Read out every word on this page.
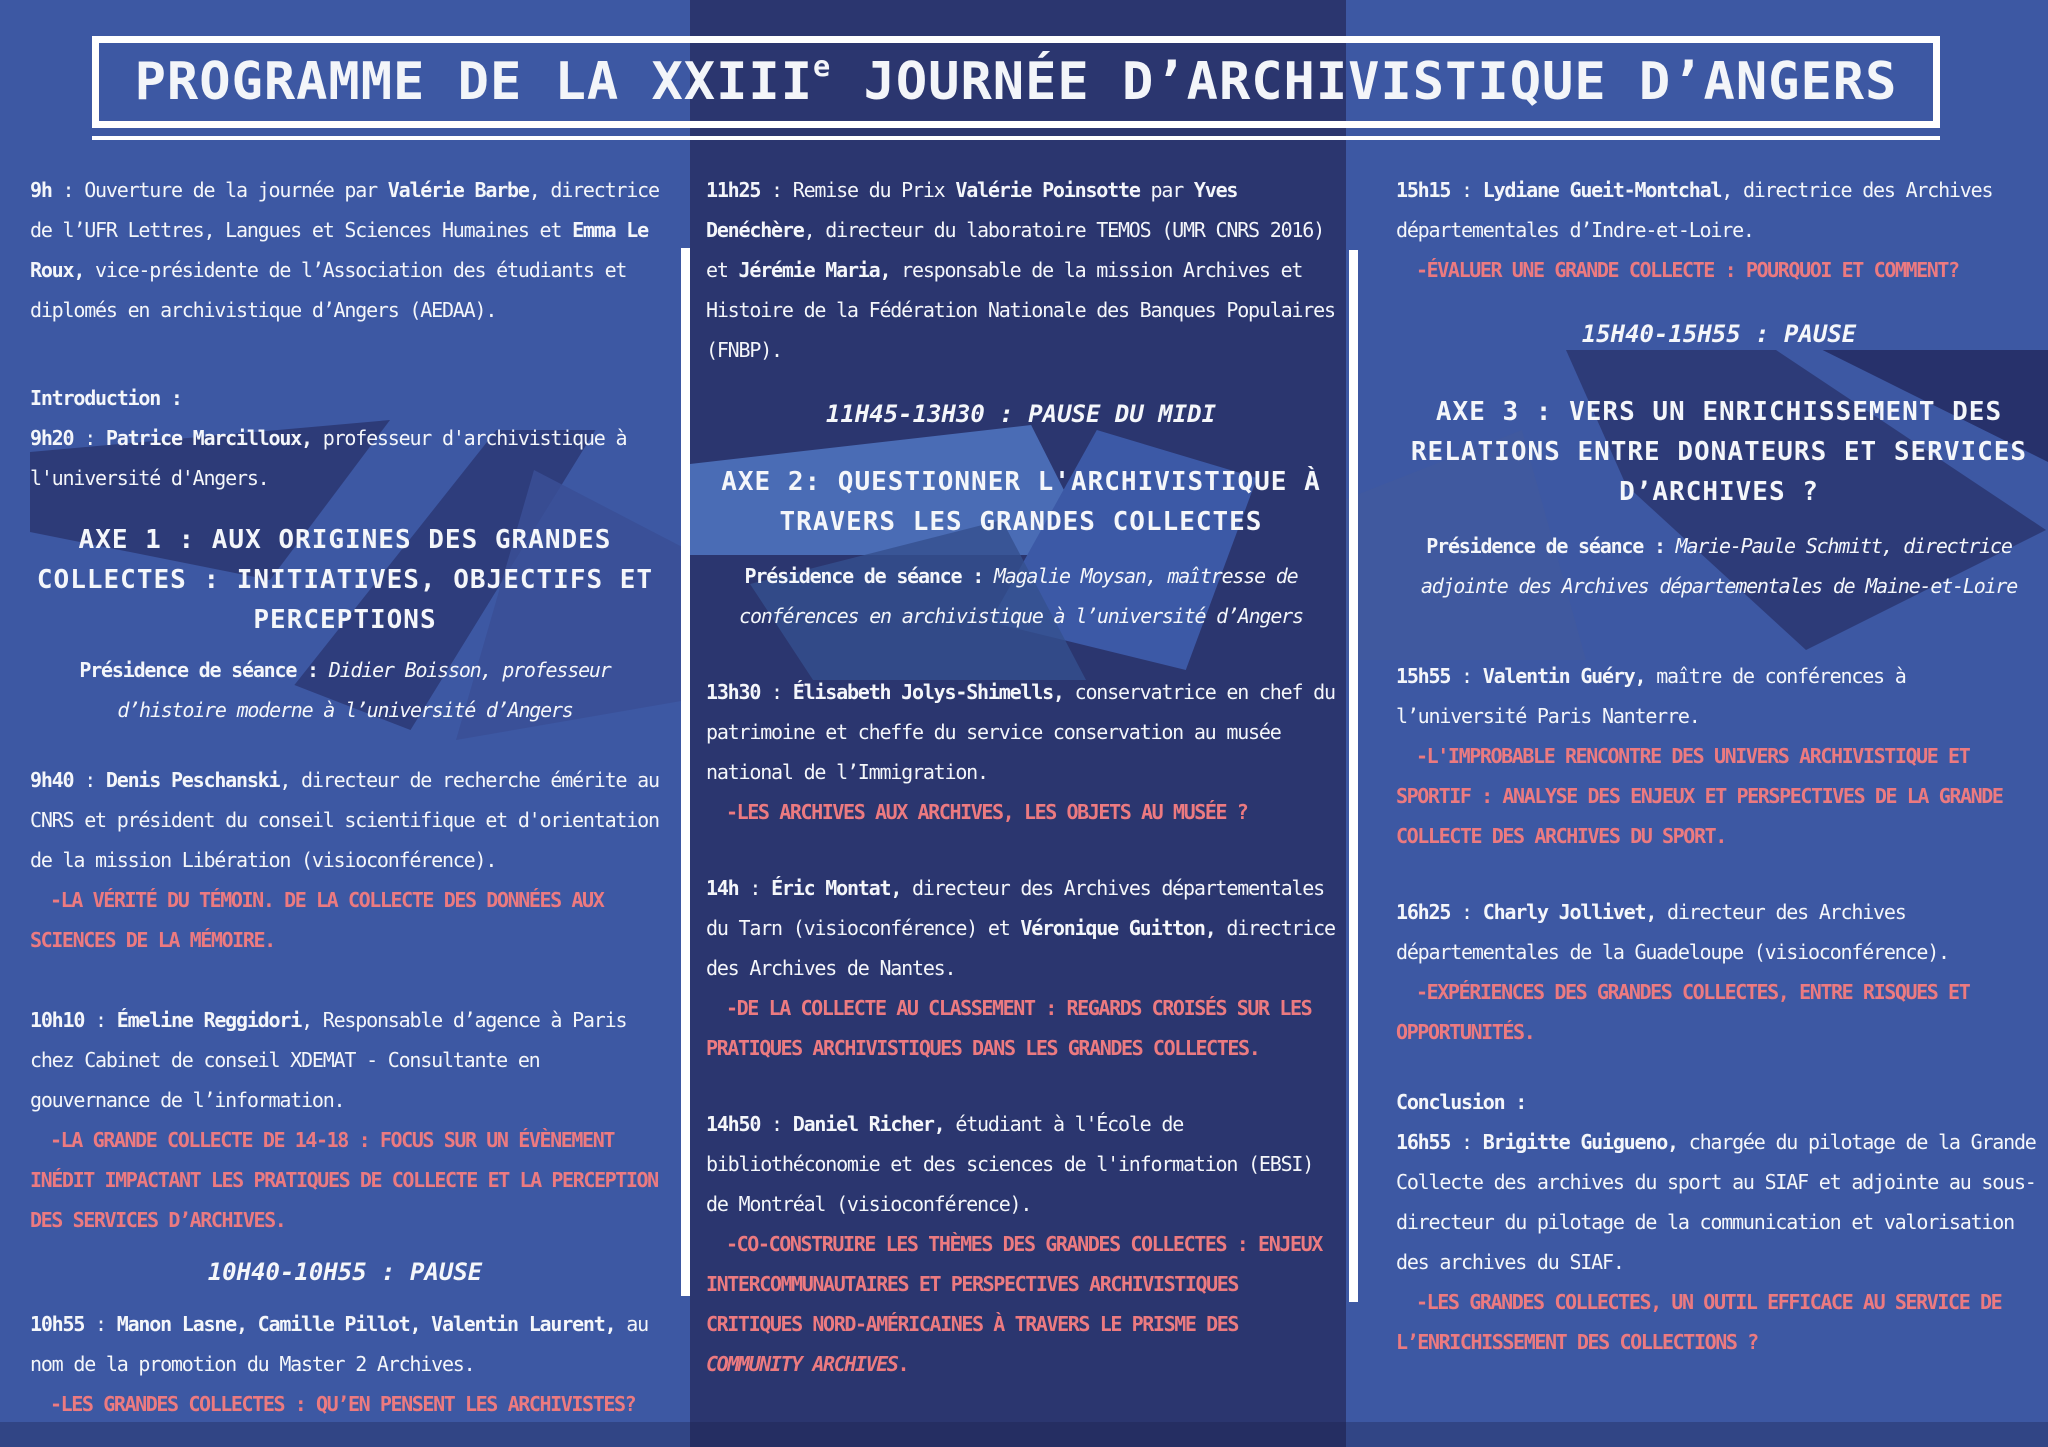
9h : Ouverture de la journée par Valérie Barbe, directrice de l’UFR Lettres, Langues et Sciences Humaines et Emma Le Roux, vice-présidente de l’Association des étudiants et diplomés en archivistique d’Angers (AEDAA).
Introduction :
9h20 : Patrice Marcilloux, professeur d'archivistique à l'université d'Angers.
AXE 1 : AUX ORIGINES DES GRANDES COLLECTES : INITIATIVES, OBJECTIFS ET PERCEPTIONS
Présidence de séance : Didier Boisson, professeur d’histoire moderne à l’université d’Angers
9h40 : Denis Peschanski, directeur de recherche émérite au CNRS et président du conseil scientifique et d'orientation de la mission Libération (visioconférence).
-LA VÉRITÉ DU TÉMOIN. DE LA COLLECTE DES DONNÉES AUX SCIENCES DE LA MÉMOIRE.
10h10 : Émeline Reggidori, Responsable d’agence à Paris chez Cabinet de conseil XDEMAT - Consultante en gouvernance de l’information.
-LA GRANDE COLLECTE DE 14-18 : FOCUS SUR UN ÉVÈNEMENT INÉDIT IMPACTANT LES PRATIQUES DE COLLECTE ET LA PERCEPTION DES SERVICES D’ARCHIVES.
10H40-10H55 : PAUSE
10h55 : Manon Lasne, Camille Pillot, Valentin Laurent, au nom de la promotion du Master 2 Archives.
-LES GRANDES COLLECTES : QU’EN PENSENT LES ARCHIVISTES?
11h25 : Remise du Prix Valérie Poinsotte par Yves Denéchère, directeur du laboratoire TEMOS (UMR CNRS 2016) et Jérémie Maria, responsable de la mission Archives et Histoire de la Fédération Nationale des Banques Populaires (FNBP).
11H45-13H30 : PAUSE DU MIDI
AXE 2: QUESTIONNER L'ARCHIVISTIQUE À TRAVERS LES GRANDES COLLECTES
Présidence de séance : Magalie Moysan, maîtresse de conférences en archivistique à l’université d’Angers
13h30 : Élisabeth Jolys-Shimells, conservatrice en chef du patrimoine et cheffe du service conservation au musée national de l’Immigration.
-LES ARCHIVES AUX ARCHIVES, LES OBJETS AU MUSÉE ?
14h : Éric Montat, directeur des Archives départementales du Tarn (visioconférence) et Véronique Guitton, directrice des Archives de Nantes.
-DE LA COLLECTE AU CLASSEMENT : REGARDS CROISÉS SUR LES PRATIQUES ARCHIVISTIQUES DANS LES GRANDES COLLECTES.
14h50 : Daniel Richer, étudiant à l'École de bibliothéconomie et des sciences de l'information (EBSI) de Montréal (visioconférence).
-CO-CONSTRUIRE LES THÈMES DES GRANDES COLLECTES : ENJEUX INTERCOMMUNAUTAIRES ET PERSPECTIVES ARCHIVISTIQUES CRITIQUES NORD-AMÉRICAINES À TRAVERS LE PRISME DES COMMUNITY ARCHIVES.
15h15 : Lydiane Gueit-Montchal, directrice des Archives départementales d’Indre-et-Loire.
-ÉVALUER UNE GRANDE COLLECTE : POURQUOI ET COMMENT?
15H40-15H55 : PAUSE
AXE 3 : VERS UN ENRICHISSEMENT DES RELATIONS ENTRE DONATEURS ET SERVICES D’ARCHIVES ?
Présidence de séance : Marie-Paule Schmitt, directrice adjointe des Archives départementales de Maine-et-Loire
15h55 : Valentin Guéry, maître de conférences à l’université Paris Nanterre.
-L'IMPROBABLE RENCONTRE DES UNIVERS ARCHIVISTIQUE ET SPORTIF : ANALYSE DES ENJEUX ET PERSPECTIVES DE LA GRANDE COLLECTE DES ARCHIVES DU SPORT.
16h25 : Charly Jollivet, directeur des Archives départementales de la Guadeloupe (visioconférence).
-EXPÉRIENCES DES GRANDES COLLECTES, ENTRE RISQUES ET OPPORTUNITÉS.
Conclusion :
16h55 : Brigitte Guigueno, chargée du pilotage de la Grande Collecte des archives du sport au SIAF et adjointe au sous-directeur du pilotage de la communication et valorisation des archives du SIAF.
-LES GRANDES COLLECTES, UN OUTIL EFFICACE AU SERVICE DE L’ENRICHISSEMENT DES COLLECTIONS ?
PROGRAMME DE LA XXIIIe JOURNÉE D’ARCHIVISTIQUE D’ANGERS
